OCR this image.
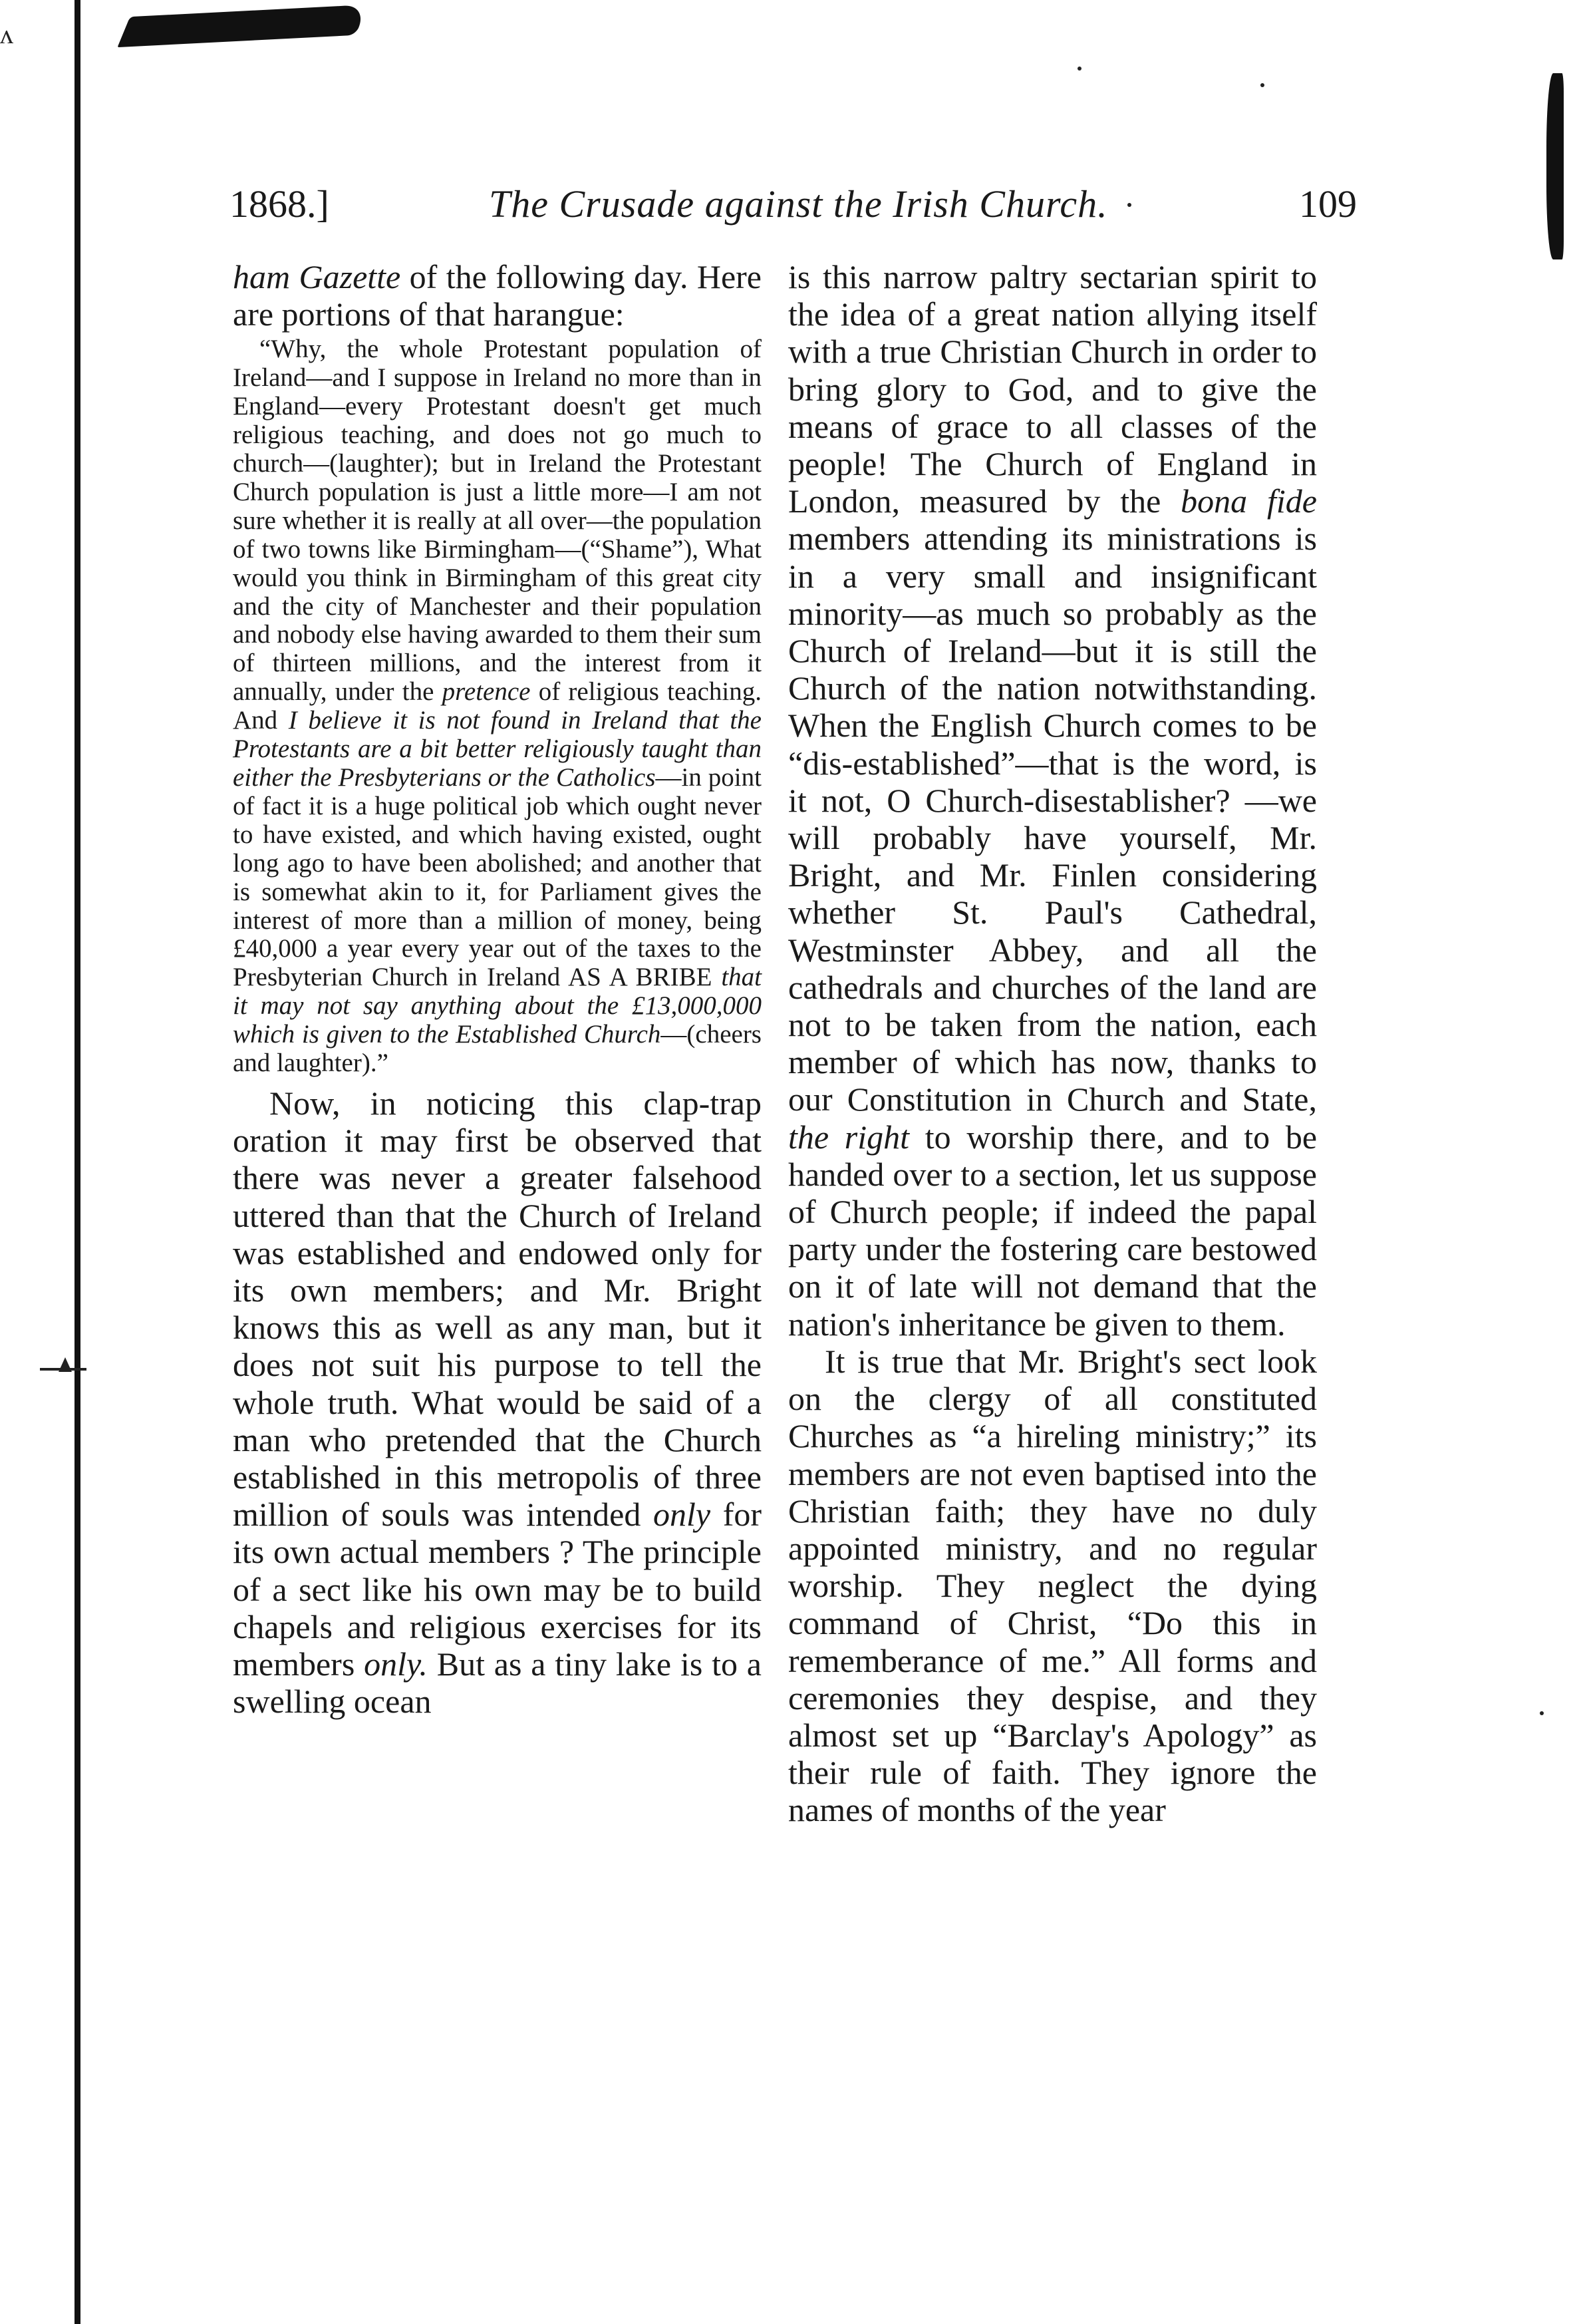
ʌ
1868.]	The Crusade against the Irish Church.	109

ham Gazette of the following day. Here are portions of that harangue:

“Why, the whole Protestant population of Ireland—and I suppose in Ireland no more than in England—every Protestant doesn't get much religious teaching, and does not go much to church—(laughter); but in Ireland the Protestant Church population is just a little more—I am not sure whether it is really at all over—the population of two towns like Birmingham—(“Shame”), What would you think in Birmingham of this great city and the city of Manchester and their population and nobody else having awarded to them their sum of thirteen millions, and the interest from it annually, under the pretence of religious teaching. And I believe it is not found in Ireland that the Protestants are a bit better religiously taught than either the Presbyterians or the Catholics—in point of fact it is a huge political job which ought never to have existed, and which having existed, ought long ago to have been abolished; and another that is somewhat akin to it, for Parliament gives the interest of more than a million of money, being £40,000 a year every year out of the taxes to the Presbyterian Church in Ireland AS A BRIBE that it may not say anything about the £13,000,000 which is given to the Established Church—(cheers and laughter).”

Now, in noticing this clap-trap oration it may first be observed that there was never a greater falsehood uttered than that the Church of Ireland was established and endowed only for its own members; and Mr. Bright knows this as well as any man, but it does not suit his purpose to tell the whole truth. What would be said of a man who pretended that the Church established in this metropolis of three million of souls was intended only for its own actual members ? The principle of a sect like his own may be to build chapels and religious exercises for its members only. But as a tiny lake is to a swelling ocean

is this narrow paltry sectarian spirit to the idea of a great nation allying itself with a true Christian Church in order to bring glory to God, and to give the means of grace to all classes of the people! The Church of England in London, measured by the bona fide members attending its ministrations is in a very small and insignificant minority—as much so probably as the Church of Ireland—but it is still the Church of the nation notwithstanding. When the English Church comes to be “dis-established”—that is the word, is it not, O Church-disestablisher? —we will probably have yourself, Mr. Bright, and Mr. Finlen considering whether St. Paul's Cathedral, Westminster Abbey, and all the cathedrals and churches of the land are not to be taken from the nation, each member of which has now, thanks to our Constitution in Church and State, the right to worship there, and to be handed over to a section, let us suppose of Church people; if indeed the papal party under the fostering care bestowed on it of late will not demand that the nation's inheritance be given to them.

It is true that Mr. Bright's sect look on the clergy of all constituted Churches as “a hireling ministry;” its members are not even baptised into the Christian faith; they have no duly appointed ministry, and no regular worship. They neglect the dying command of Christ, “Do this in rememberance of me.” All forms and ceremonies they despise, and they almost set up “Barclay's Apology” as their rule of faith. They ignore the names of months of the year
